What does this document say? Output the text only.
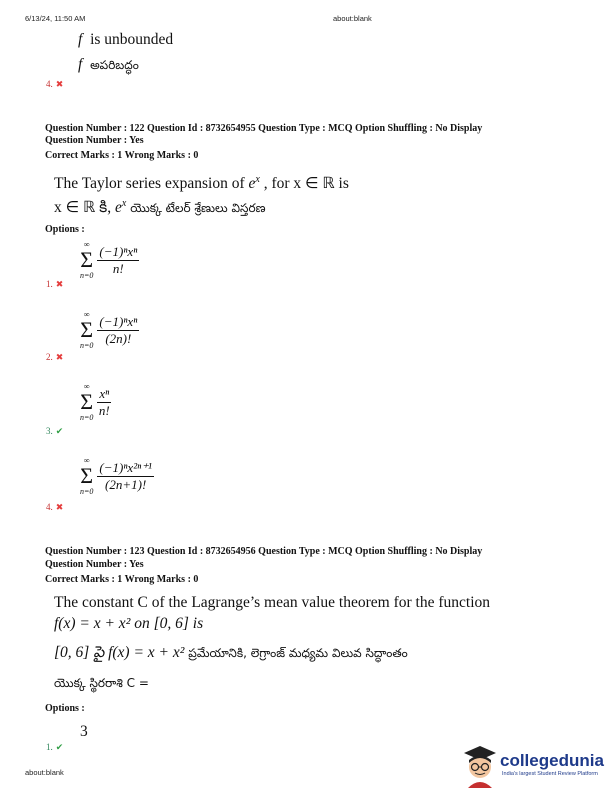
6/13/24, 11:50 AM	about:blank
f is unbounded
f అపరిబద్ధం
4. ✖
Question Number : 122 Question Id : 8732654955 Question Type : MCQ Option Shuffling : No Display
Question Number : Yes
Correct Marks : 1 Wrong Marks : 0
The Taylor series expansion of $e^x$ , for x ∈ ℝ is
x ∈ ℝ కి, $e^x$ యొక్క టేలర్ శ్రేణులు విస్తరణ
Options :
1. ✖
∞
Σ
n=0
$\frac{\text{(−1)ⁿxⁿ}}{n!}$
2. ✖
∞
Σ
n=0
$\frac{\text{(−1)ⁿxⁿ}}{(2n)!}$
3. ✔
∞
Σ
n=0
$\frac{\text{xⁿ}}{n!}$
4. ✖
∞
Σ
n=0
$\frac{\text{(−1)ⁿx²ⁿ⁺¹}}{(2n+1)!}$
Question Number : 123 Question Id : 8732654956 Question Type : MCQ Option Shuffling : No Display
Question Number : Yes
Correct Marks : 1 Wrong Marks : 0
The constant C of the Lagrange’s mean value theorem for the function
f(x) = x + x² on [0, 6] is
[0, 6] పై f(x) = x + x² ప్రమేయానికి, లెగ్రాంజ్ మధ్యమ విలువ సిద్ధాంతం
యొక్క స్థిరరాశి C =
Options :
1. ✔
3
about:blank
collegedunia
India's largest Student Review Platform
